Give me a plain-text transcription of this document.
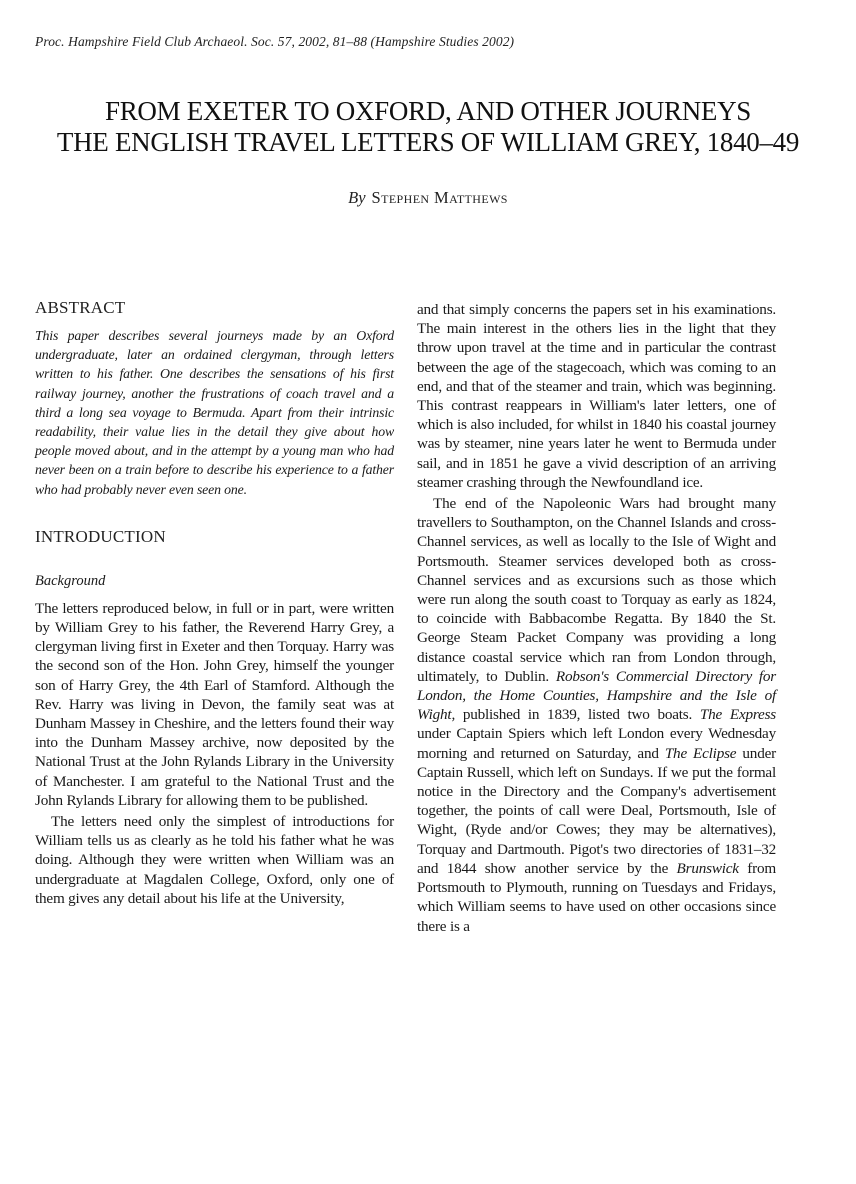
Proc. Hampshire Field Club Archaeol. Soc. 57, 2002, 81–88 (Hampshire Studies 2002)
FROM EXETER TO OXFORD, AND OTHER JOURNEYS
THE ENGLISH TRAVEL LETTERS OF WILLIAM GREY, 1840–49
By Stephen Matthews
ABSTRACT

This paper describes several journeys made by an Oxford undergraduate, later an ordained clergyman, through letters written to his father. One describes the sensations of his first railway journey, another the frustrations of coach travel and a third a long sea voyage to Bermuda. Apart from their intrinsic readability, their value lies in the detail they give about how people moved about, and in the attempt by a young man who had never been on a train before to describe his experience to a father who had probably never even seen one.

INTRODUCTION
Background

The letters reproduced below, in full or in part, were written by William Grey to his father, the Reverend Harry Grey, a clergyman living first in Exeter and then Torquay. Harry was the second son of the Hon. John Grey, himself the younger son of Harry Grey, the 4th Earl of Stamford. Although the Rev. Harry was living in Devon, the family seat was at Dunham Massey in Cheshire, and the letters found their way into the Dunham Massey archive, now deposited by the National Trust at the John Rylands Library in the University of Manchester. I am grateful to the National Trust and the John Rylands Library for allowing them to be published.

The letters need only the simplest of introductions for William tells us as clearly as he told his father what he was doing. Although they were written when William was an undergraduate at Magdalen College, Oxford, only one of them gives any detail about his life at the University,

and that simply concerns the papers set in his examinations. The main interest in the others lies in the light that they throw upon travel at the time and in particular the contrast between the age of the stagecoach, which was coming to an end, and that of the steamer and train, which was beginning. This contrast reappears in William's later letters, one of which is also included, for whilst in 1840 his coastal journey was by steamer, nine years later he went to Bermuda under sail, and in 1851 he gave a vivid description of an arriving steamer crashing through the Newfoundland ice.

The end of the Napoleonic Wars had brought many travellers to Southampton, on the Channel Islands and cross-Channel services, as well as locally to the Isle of Wight and Portsmouth. Steamer services developed both as cross-Channel services and as excursions such as those which were run along the south coast to Torquay as early as 1824, to coincide with Babbacombe Regatta. By 1840 the St. George Steam Packet Company was providing a long distance coastal service which ran from London through, ultimately, to Dublin. Robson's Commercial Directory for London, the Home Counties, Hampshire and the Isle of Wight, published in 1839, listed two boats. The Express under Captain Spiers which left London every Wednesday morning and returned on Saturday, and The Eclipse under Captain Russell, which left on Sundays. If we put the formal notice in the Directory and the Company's advertisement together, the points of call were Deal, Portsmouth, Isle of Wight, (Ryde and/or Cowes; they may be alternatives), Torquay and Dartmouth. Pigot's two directories of 1831–32 and 1844 show another service by the Brunswick from Portsmouth to Plymouth, running on Tuesdays and Fridays, which William seems to have used on other occasions since there is a
